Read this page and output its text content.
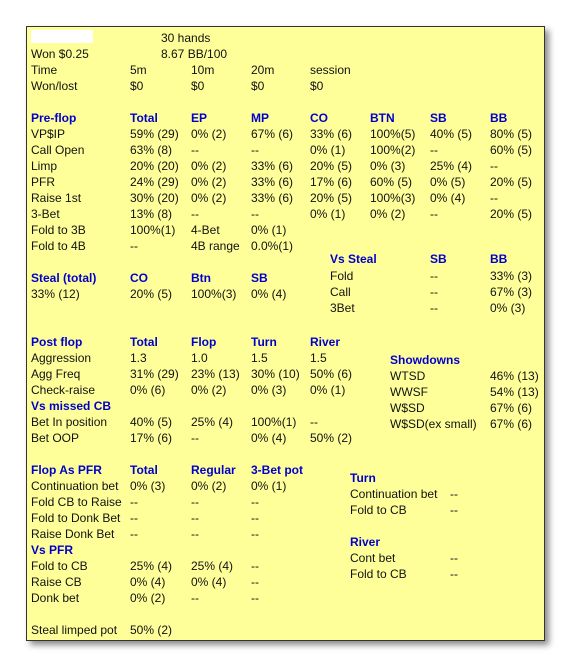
30 hands
Won $0.25	8.67 BB/100
Time	5m	10m	20m	session
Won/lost	$0	$0	$0	$0
Pre-flop	Total	EP	MP	CO	BTN	SB	BB
VP$IP	59% (29) 0% (2) 67% (6) 33% (6) 100%(5) 40% (5) 80% (5)
Call Open	63% (8) --	--	0% (1) 100%(2) --	60% (5)
Limp	20% (20) 0% (2) 33% (6) 20% (5) 0% (3) 25% (4) --
PFR	24% (29) 0% (2) 33% (6) 17% (6) 60% (5) 0% (5) 20% (5)
Raise 1st	30% (20) 0% (2) 33% (6) 20% (5) 100%(3) 0% (4) --
3-Bet	13% (8) --	--	0% (1) 0% (2) --	20% (5)
Fold to 3B	100%(1) 4-Bet	0% (1)
Fold to 4B	--	4B range 0.0%(1)
Vs Steal	SB	BB
Fold	--	33% (3)
Call	--	67% (3)
3Bet	--	0% (3)
Steal (total)	CO	Btn	SB
33% (12)	20% (5) 100%(3) 0% (4)
Post flop	Total	Flop	Turn	River
Aggression	1.3	1.0	1.5	1.5
Agg Freq	31% (29) 23% (13) 30% (10) 50% (6)
Check-raise	0% (6) 0% (2) 0% (3) 0% (1)
Vs missed CB
Bet In position 40% (5) 25% (4) 100%(1) --
Bet OOP	17% (6) --	0% (4) 50% (2)
Showdowns
WTSD	46% (13)
WWSF	54% (13)
W$SD	67% (6)
W$SD(ex small) 67% (6)
Flop As PFR Total	Regular 3-Bet pot
Continuation bet 0% (3) 0% (2) 0% (1)
Fold CB to Raise --	--	--
Fold to Donk Bet --	--	--
Raise Donk Bet --	--	--
Vs PFR
Fold to CB	25% (4) 25% (4) --
Raise CB	0% (4) 0% (4) --
Donk bet	0% (2) --	--
Turn
Continuation bet --
Fold to CB	--
River
Cont bet	--
Fold to CB	--
Steal limped pot 50% (2)
